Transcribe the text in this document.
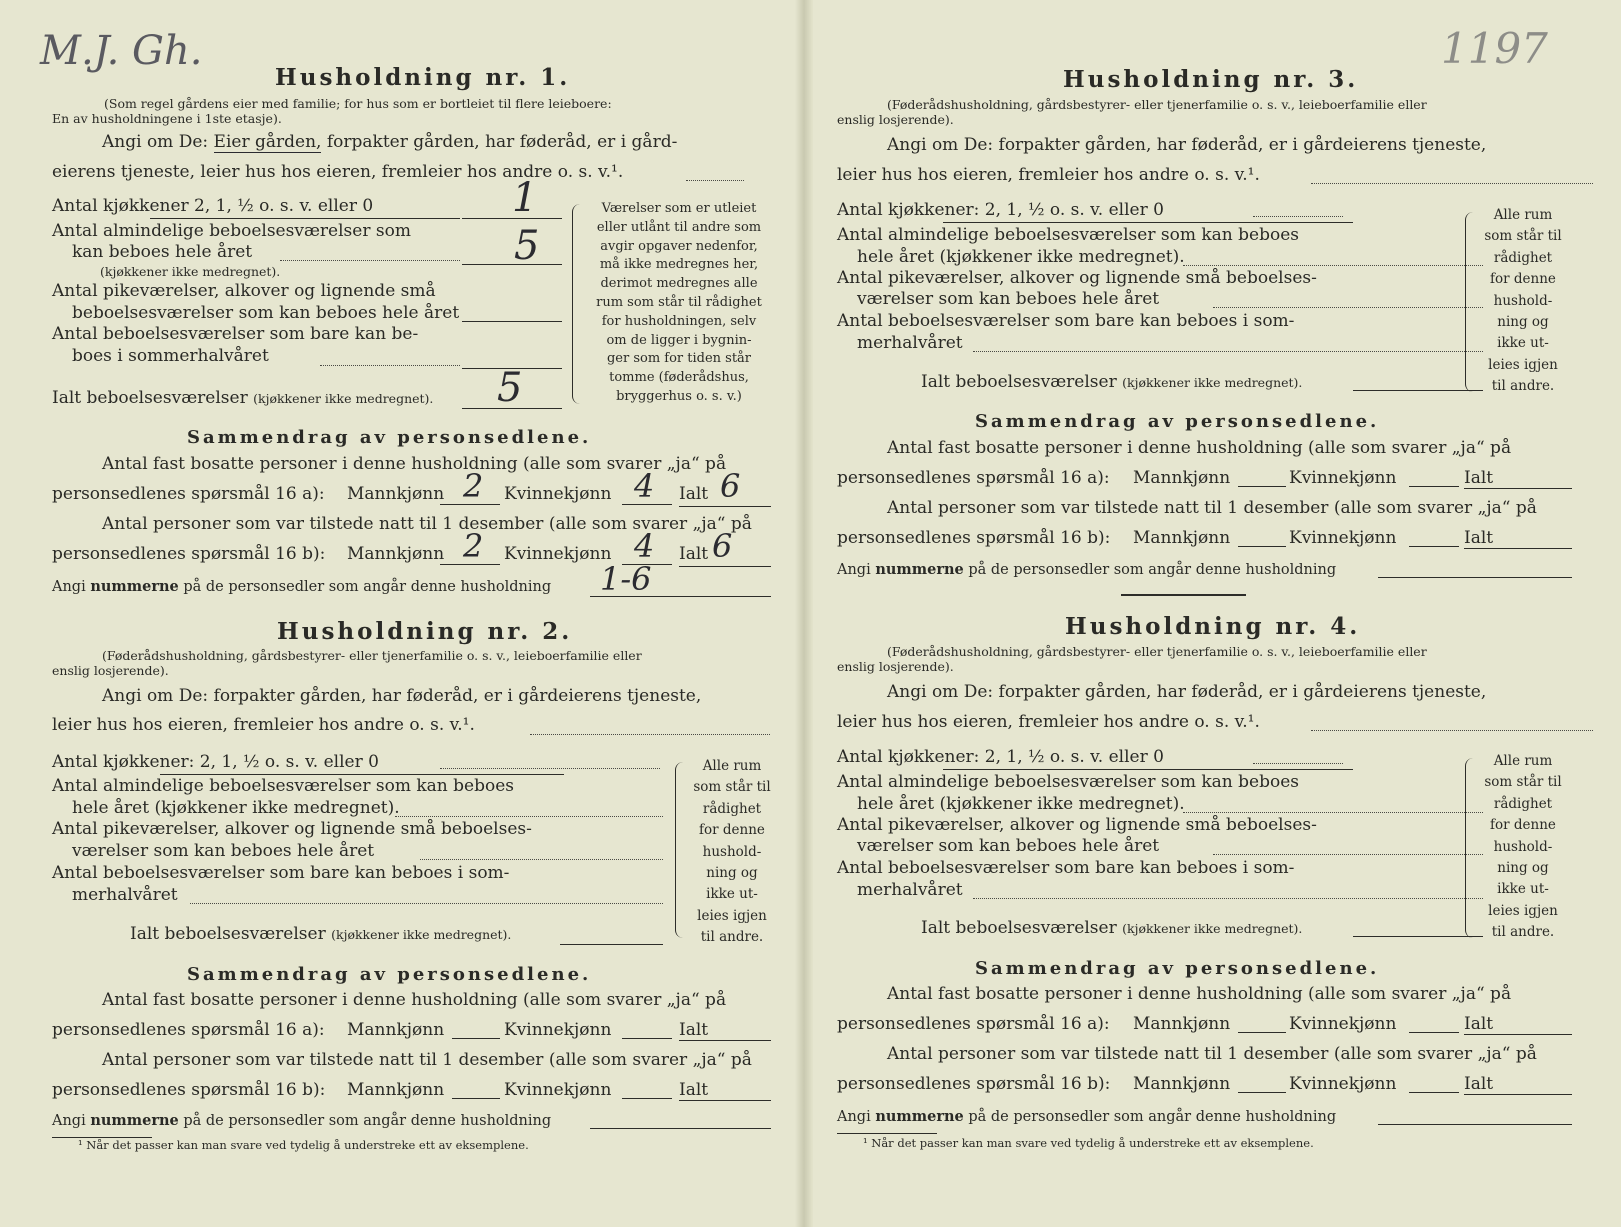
M.J. Gh.
Husholdning nr. 1.
(Som regel gårdens eier med familie; for hus som er bortleiet til flere leieboere:
En av husholdningene i 1ste etasje).
Angi om De: Eier gården, forpakter gården, har føderåd, er i gård-
eierens tjeneste, leier hus hos eieren, fremleier hos andre o. s. v.¹.
Antal kjøkkener 2, 1, ½ o. s. v. eller 0	1
Antal almindelige beboelsesværelser som
kan beboes hele året
(kjøkkener ikke medregnet).
5
Antal pikeværelser, alkover og lignende små
beboelsesværelser som kan beboes hele året
Antal beboelsesværelser som bare kan be-
boes i sommerhalvåret
Ialt beboelsesværelser (kjøkkener ikke medregnet). 5
Værelser som er utleiet
eller utlånt til andre som
avgir opgaver nedenfor,
må ikke medregnes her,
derimot medregnes alle
rum som står til rådighet
for husholdningen, selv
om de ligger i bygnin-
ger som for tiden står
tomme (føderådshus,
bryggerhus o. s. v.)
Sammendrag av personsedlene.
Antal fast bosatte personer i denne husholdning (alle som svarer „ja“ på
personsedlenes spørsmål 16 a): Mannkjønn 2 Kvinnekjønn 4 Ialt 6
Antal personer som var tilstede natt til 1 desember (alle som svarer „ja“ på
personsedlenes spørsmål 16 b): Mannkjønn 2 Kvinnekjønn 4 Ialt 6
Angi nummerne på de personsedler som angår denne husholdning 1-6
Husholdning nr. 2.
(Føderådshusholdning, gårdsbestyrer- eller tjenerfamilie o. s. v., leieboerfamilie eller
enslig losjerende).
Angi om De: forpakter gården, har føderåd, er i gårdeierens tjeneste,
leier hus hos eieren, fremleier hos andre o. s. v.¹.
Antal kjøkkener: 2, 1, ½ o. s. v. eller 0
Antal almindelige beboelsesværelser som kan beboes
hele året (kjøkkener ikke medregnet).
Antal pikeværelser, alkover og lignende små beboelses-
værelser som kan beboes hele året
Antal beboelsesværelser som bare kan beboes i som-
merhalvåret
Ialt beboelsesværelser (kjøkkener ikke medregnet).
Alle rum
som står til
rådighet
for denne
hushold-
ning og
ikke ut-
leies igjen
til andre.
Sammendrag av personsedlene.
Antal fast bosatte personer i denne husholdning (alle som svarer „ja“ på
personsedlenes spørsmål 16 a): Mannkjønn	Kvinnekjønn	Ialt
Antal personer som var tilstede natt til 1 desember (alle som svarer „ja“ på
personsedlenes spørsmål 16 b): Mannkjønn	Kvinnekjønn	Ialt
Angi nummerne på de personsedler som angår denne husholdning
¹ Når det passer kan man svare ved tydelig å understreke ett av eksemplene.
1197
Husholdning nr. 3.
(Føderådshusholdning, gårdsbestyrer- eller tjenerfamilie o. s. v., leieboerfamilie eller
enslig losjerende).
Angi om De: forpakter gården, har føderåd, er i gårdeierens tjeneste,
leier hus hos eieren, fremleier hos andre o. s. v.¹.
Antal kjøkkener: 2, 1, ½ o. s. v. eller 0
Antal almindelige beboelsesværelser som kan beboes
hele året (kjøkkener ikke medregnet).
Antal pikeværelser, alkover og lignende små beboelses-
værelser som kan beboes hele året
Antal beboelsesværelser som bare kan beboes i som-
merhalvåret
Ialt beboelsesværelser (kjøkkener ikke medregnet).
Alle rum
som står til
rådighet
for denne
hushold-
ning og
ikke ut-
leies igjen
til andre.
Sammendrag av personsedlene.
Antal fast bosatte personer i denne husholdning (alle som svarer „ja“ på
personsedlenes spørsmål 16 a): Mannkjønn	Kvinnekjønn	Ialt
Antal personer som var tilstede natt til 1 desember (alle som svarer „ja“ på
personsedlenes spørsmål 16 b): Mannkjønn	Kvinnekjønn	Ialt
Angi nummerne på de personsedler som angår denne husholdning
Husholdning nr. 4.
(Føderådshusholdning, gårdsbestyrer- eller tjenerfamilie o. s. v., leieboerfamilie eller
enslig losjerende).
Angi om De: forpakter gården, har føderåd, er i gårdeierens tjeneste,
leier hus hos eieren, fremleier hos andre o. s. v.¹.
Antal kjøkkener: 2, 1, ½ o. s. v. eller 0
Antal almindelige beboelsesværelser som kan beboes
hele året (kjøkkener ikke medregnet).
Antal pikeværelser, alkover og lignende små beboelses-
værelser som kan beboes hele året
Antal beboelsesværelser som bare kan beboes i som-
merhalvåret
Ialt beboelsesværelser (kjøkkener ikke medregnet).
Alle rum
som står til
rådighet
for denne
hushold-
ning og
ikke ut-
leies igjen
til andre.
Sammendrag av personsedlene.
Antal fast bosatte personer i denne husholdning (alle som svarer „ja“ på
personsedlenes spørsmål 16 a): Mannkjønn	Kvinnekjønn	Ialt
Antal personer som var tilstede natt til 1 desember (alle som svarer „ja“ på
personsedlenes spørsmål 16 b): Mannkjønn	Kvinnekjønn	Ialt
Angi nummerne på de personsedler som angår denne husholdning
¹ Når det passer kan man svare ved tydelig å understreke ett av eksemplene.
